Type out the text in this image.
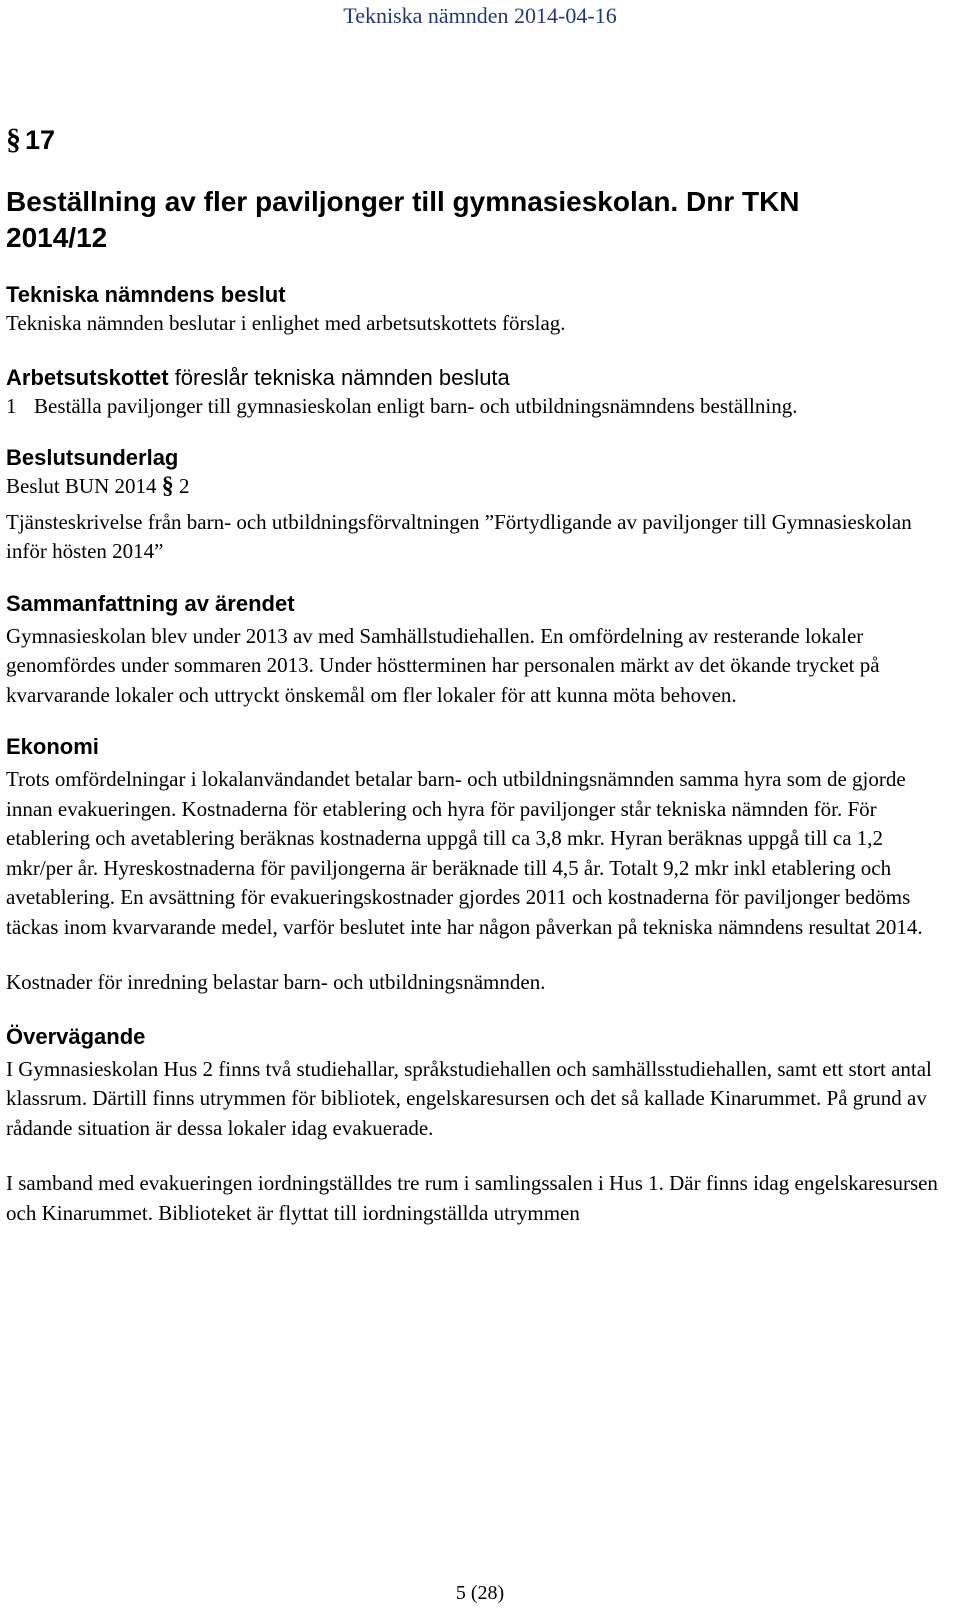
Tekniska nämnden 2014-04-16
§ 17
Beställning av fler paviljonger till gymnasieskolan. Dnr TKN 2014/12
Tekniska nämndens beslut
Tekniska nämnden beslutar i enlighet med arbetsutskottets förslag.
Arbetsutskottet föreslår tekniska nämnden besluta
1 Beställa paviljonger till gymnasieskolan enligt barn- och utbildningsnämndens beställning.
Beslutsunderlag
Beslut BUN 2014 § 2
Tjänsteskrivelse från barn- och utbildningsförvaltningen ”Förtydligande av paviljonger till Gymnasieskolan inför hösten 2014”
Sammanfattning av ärendet
Gymnasieskolan blev under 2013 av med Samhällstudiehallen. En omfördelning av resterande lokaler genomfördes under sommaren 2013. Under höstterminen har personalen märkt av det ökande trycket på kvarvarande lokaler och uttryckt önskemål om fler lokaler för att kunna möta behoven.
Ekonomi
Trots omfördelningar i lokalanvändandet betalar barn- och utbildningsnämnden samma hyra som de gjorde innan evakueringen. Kostnaderna för etablering och hyra för paviljonger står tekniska nämnden för. För etablering och avetablering beräknas kostnaderna uppgå till ca 3,8 mkr. Hyran beräknas uppgå till ca 1,2 mkr/per år. Hyreskostnaderna för paviljongerna är beräknade till 4,5 år. Totalt 9,2 mkr inkl etablering och avetablering. En avsättning för evakueringskostnader gjordes 2011 och kostnaderna för paviljonger bedöms täckas inom kvarvarande medel, varför beslutet inte har någon påverkan på tekniska nämndens resultat 2014.
Kostnader för inredning belastar barn- och utbildningsnämnden.
Övervägande
I Gymnasieskolan Hus 2 finns två studiehallar, språkstudiehallen och samhällsstudiehallen, samt ett stort antal klassrum. Därtill finns utrymmen för bibliotek, engelskaresursen och det så kallade Kinarummet. På grund av rådande situation är dessa lokaler idag evakuerade.
I samband med evakueringen iordningställdes tre rum i samlingssalen i Hus 1. Där finns idag engelskaresursen och Kinarummet. Biblioteket är flyttat till iordningställda utrymmen
5 (28)
